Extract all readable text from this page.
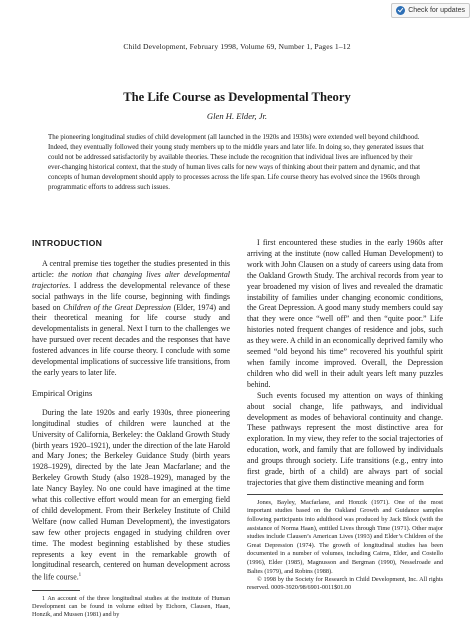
Check for updates
Child Development, February 1998, Volume 69, Number 1, Pages 1–12
The Life Course as Developmental Theory
Glen H. Elder, Jr.

The pioneering longitudinal studies of child development (all launched in the 1920s and 1930s) were extended well beyond childhood. Indeed, they eventually followed their young study members up to the middle years and later life. In doing so, they generated issues that could not be addressed satisfactorily by available theories. These include the recognition that individual lives are influenced by their ever-changing historical context, that the study of human lives calls for new ways of thinking about their pattern and dynamic, and that concepts of human development should apply to processes across the life span. Life course theory has evolved since the 1960s through programmatic efforts to address such issues.

INTRODUCTION

A central premise ties together the studies presented in this article: the notion that changing lives alter developmental trajectories. I address the developmental relevance of these social pathways in the life course, beginning with findings based on Children of the Great Depression (Elder, 1974) and their theoretical meaning for life course study and developmentalists in general. Next I turn to the challenges we have pursued over recent decades and the responses that have fostered advances in life course theory. I conclude with some developmental implications of successive life transitions, from the early years to later life.

Empirical Origins

During the late 1920s and early 1930s, three pioneering longitudinal studies of children were launched at the University of California, Berkeley: the Oakland Growth Study (birth years 1920–1921), under the direction of the late Harold and Mary Jones; the Berkeley Guidance Study (birth years 1928–1929), directed by the late Jean Macfarlane; and the Berkeley Growth Study (also 1928–1929), managed by the late Nancy Bayley. No one could have imagined at the time what this collective effort would mean for an emerging field of child development. From their Berkeley Institute of Child Welfare (now called Human Development), the investigators saw few other projects engaged in studying children over time. The modest beginning established by these studies represents a key event in the remarkable growth of longitudinal research, centered on human development across the life course.$^1$

1 An account of the three longitudinal studies at the institute of Human Development can be found in volume edited by Eichorn, Clausen, Haan, Honzik, and Mussen (1981) and by

I first encountered these studies in the early 1960s after arriving at the institute (now called Human Development) to work with John Clausen on a study of careers using data from the Oakland Growth Study. The archival records from year to year broadened my vision of lives and revealed the dramatic instability of families under changing economic conditions, the Great Depression. A good many study members could say that they were once “well off” and then “quite poor.” Life histories noted frequent changes of residence and jobs, such as they were. A child in an economically deprived family who seemed “old beyond his time” recovered his youthful spirit when family income improved. Overall, the Depression children who did well in their adult years left many puzzles behind.

Such events focused my attention on ways of thinking about social change, life pathways, and individual development as modes of behavioral continuity and change. These pathways represent the most distinctive area for exploration. In my view, they refer to the social trajectories of education, work, and family that are followed by individuals and groups through society. Life transitions (e.g., entry into first grade, birth of a child) are always part of social trajectories that give them distinctive meaning and form

Jones, Bayley, Macfarlane, and Honzik (1971). One of the most important studies based on the Oakland Growth and Guidance samples following participants into adulthood was produced by Jack Block (with the assistance of Norma Haan), entitled Lives through Time (1971). Other major studies include Clausen’s American Lives (1993) and Elder’s Children of the Great Depression (1974). The growth of longitudinal studies has been documented in a number of volumes, including Cairns, Elder, and Costello (1996), Elder (1985), Magnusson and Bergman (1990), Nesselroade and Baltes (1979), and Robins (1988).

© 1998 by the Society for Research in Child Development, Inc. All rights reserved. 0009-3920/98/6901-0011$01.00
